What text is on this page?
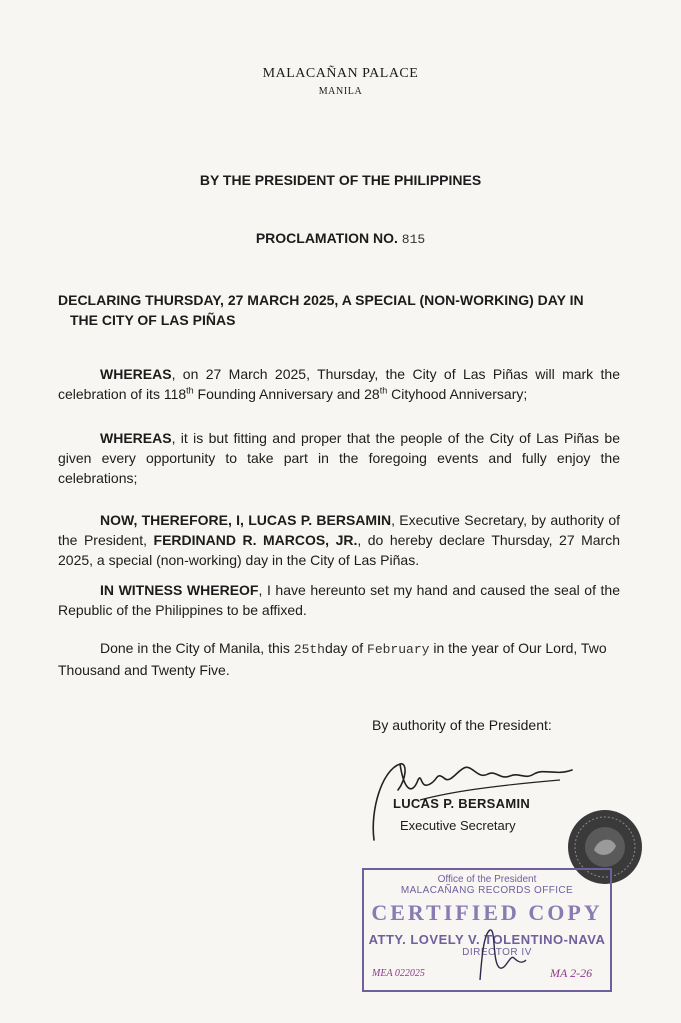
MALACAÑAN PALACE
MANILA
BY THE PRESIDENT OF THE PHILIPPINES
PROCLAMATION NO. 815
DECLARING THURSDAY, 27 MARCH 2025, A SPECIAL (NON-WORKING) DAY IN
THE CITY OF LAS PIÑAS
WHEREAS, on 27 March 2025, Thursday, the City of Las Piñas will mark the celebration of its 118th Founding Anniversary and 28th Cityhood Anniversary;
WHEREAS, it is but fitting and proper that the people of the City of Las Piñas be given every opportunity to take part in the foregoing events and fully enjoy the celebrations;
NOW, THEREFORE, I, LUCAS P. BERSAMIN, Executive Secretary, by authority of the President, FERDINAND R. MARCOS, JR., do hereby declare Thursday, 27 March 2025, a special (non-working) day in the City of Las Piñas.
IN WITNESS WHEREOF, I have hereunto set my hand and caused the seal of the Republic of the Philippines to be affixed.
Done in the City of Manila, this 25thday of February in the year of Our Lord, Two Thousand and Twenty Five.
By authority of the President:
LUCAS P. BERSAMIN
Executive Secretary
Office of the President
MALACAÑANG RECORDS OFFICE
CERTIFIED COPY
ATTY. LOVELY V. TOLENTINO-NAVA
DIRECTOR IV
MEA 022025	MA 2-26
